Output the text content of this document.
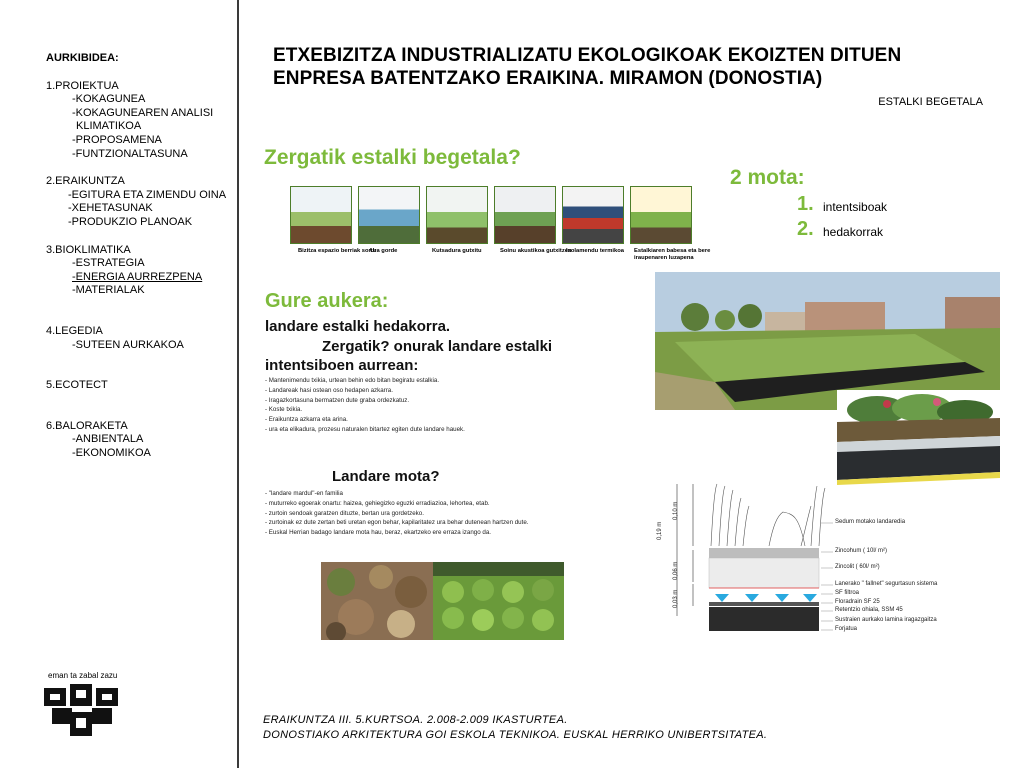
AURKIBIDEA:
1.PROIEKTUA
-KOKAGUNEA
-KOKAGUNEAREN ANALISI
KLIMATIKOA
-PROPOSAMENA
-FUNTZIONALTASUNA
2.ERAIKUNTZA
-EGITURA ETA ZIMENDU OINA
-XEHETASUNAK
-PRODUKZIO PLANOAK
3.BIOKLIMATIKA
-ESTRATEGIA
-ENERGIA AURREZPENA
-MATERIALAK
4.LEGEDIA
-SUTEEN AURKAKOA
5.ECOTECT
6.BALORAKETA
-ANBIENTALA
-EKONOMIKOA
eman ta zabal zazu
ETXEBIZITZA INDUSTRIALIZATU EKOLOGIKOAK EKOIZTEN DITUEN
ENPRESA BATENTZAKO ERAIKINA. MIRAMON (DONOSTIA)
ESTALKI BEGETALA
Zergatik estalki begetala?
Bizitza espazio berriak sortu
Ura gorde	Kutsadura gutxitu	Soinu akustikoa gutxitzen
Isolamendu termikoa	Estalkiaren babesa eta bere iraupenaren luzapena
2 mota:
1. intentsiboak
2. hedakorrak
Gure aukera:
landare estalki hedakorra.
Zergatik? onurak landare estalki
intentsiboen aurrean:
- Mantenimendu txikia, urtean behin edo bitan begiratu estalkia.
- Landareak hasi ostean oso hedapen azkarra.
- Iragazkortasuna bermatzen dute graba ordezkatuz.
- Koste txikia.
- Eraikuntza azkarra eta arina.
- ura eta elikadura, prozesu naturalen bitartez egiten dute landare hauek.
Landare mota?
- "landare mardul"-en familia
- muturreko egoerak onartu: haizea, gehiegizko eguzki erradiazioa, lehortea, etab.
- zurtoin sendoak garatzen dituzte, bertan ura gordetzeko.
- zurtoinak ez dute zertan beti uretan egon behar, kapilaritatez ura behar dutenean hartzen dute.
- Euskal Herrian badago landare mota hau, beraz, ekartzeko ere erraza izango da.	0,19 m
0,10 m
0,06 m
0,03 m
Sedum motako landaredia
Zincohum ( 10l/ m²)
Zincolit ( 60l/ m²)
Lanerako " fallnet" segurtasun sistema
SF filtroa
Floradrain SF 25
Retentzio ohiala, SSM 45
Sustraien aurkako lamina iragazgaitza
Forjatua
ERAIKUNTZA III. 5.KURTSOA. 2.008-2.009 IKASTURTEA.
DONOSTIAKO ARKITEKTURA GOI ESKOLA TEKNIKOA. EUSKAL HERRIKO UNIBERTSITATEA.
